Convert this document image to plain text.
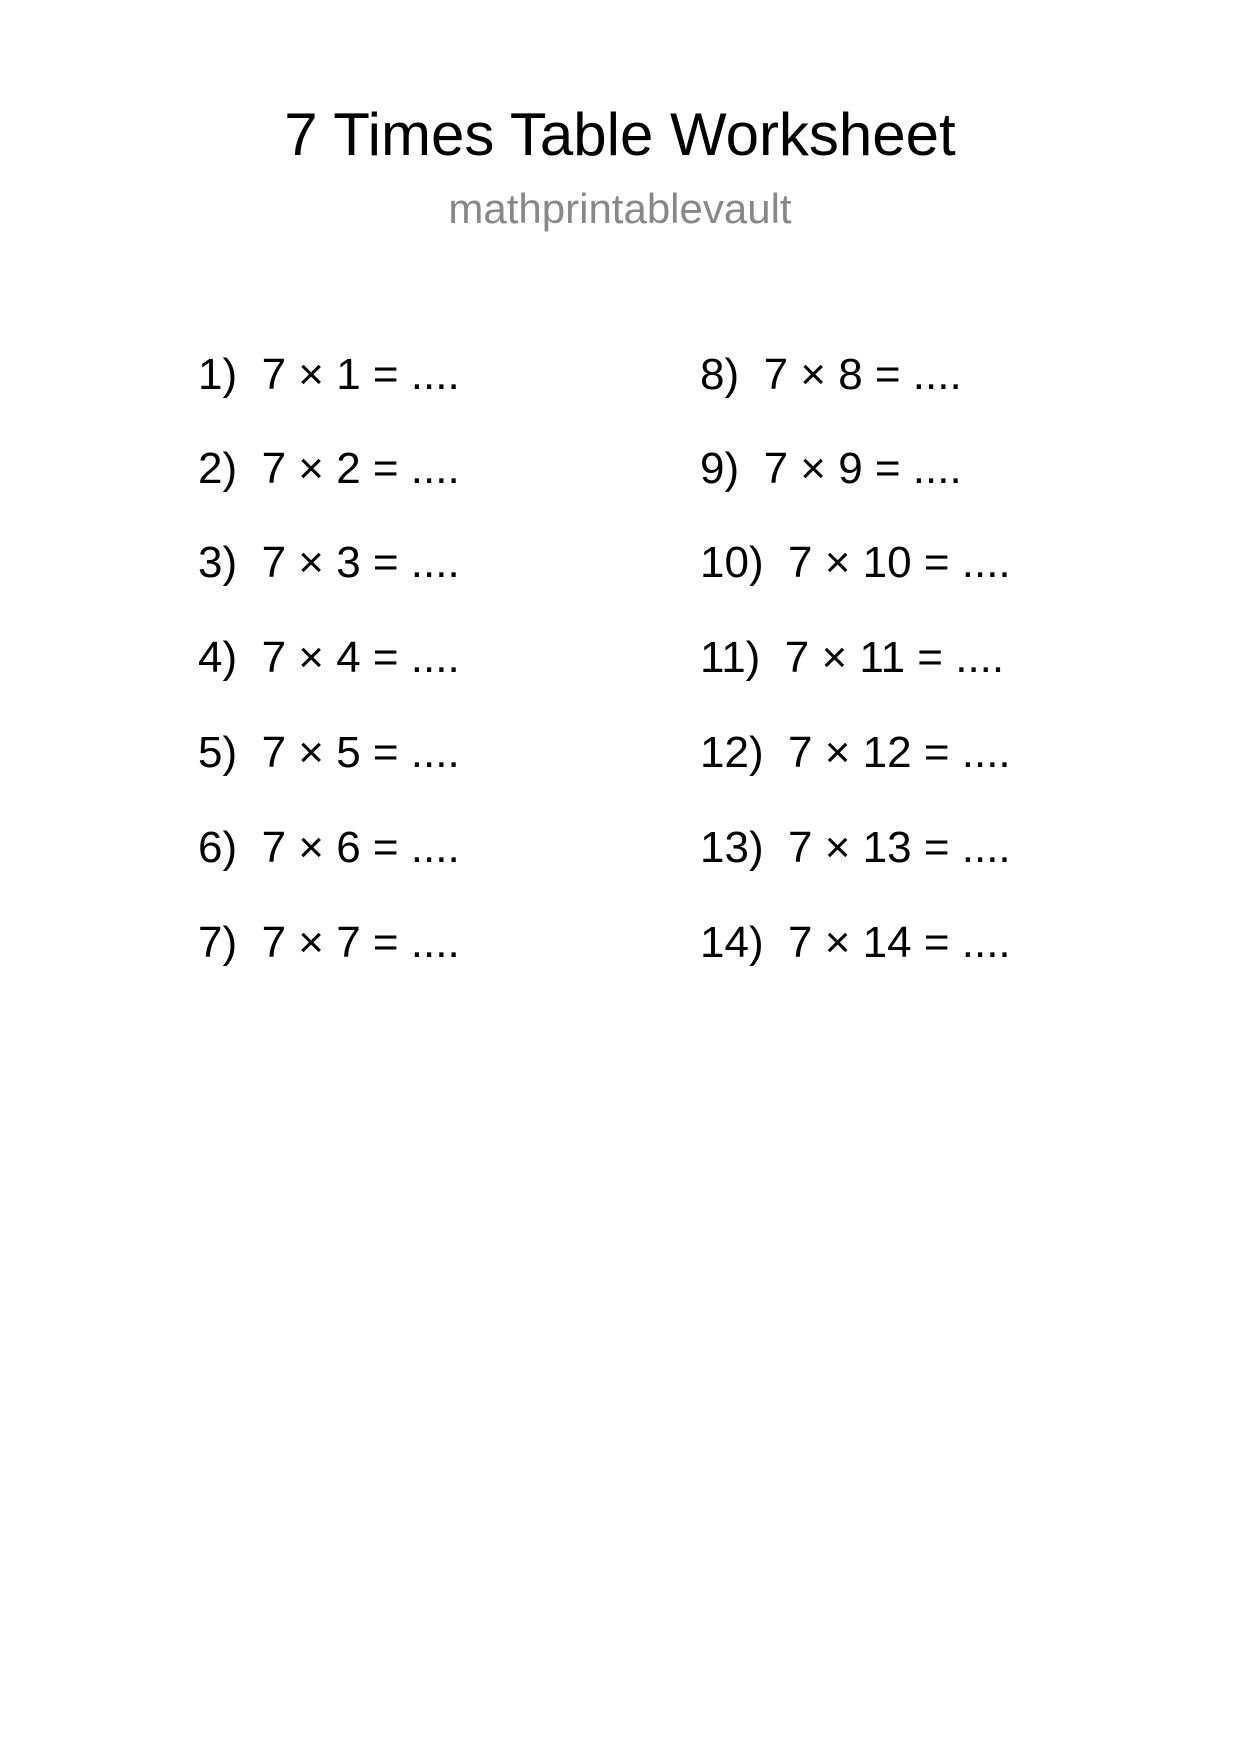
7 Times Table Worksheet
mathprintablevault
1)  7 × 1 = ....
2)  7 × 2 = ....
3)  7 × 3 = ....
4)  7 × 4 = ....
5)  7 × 5 = ....
6)  7 × 6 = ....
7)  7 × 7 = ....
8)  7 × 8 = ....
9)  7 × 9 = ....
10)  7 × 10 = ....
11)  7 × 11 = ....
12)  7 × 12 = ....
13)  7 × 13 = ....
14)  7 × 14 = ....
